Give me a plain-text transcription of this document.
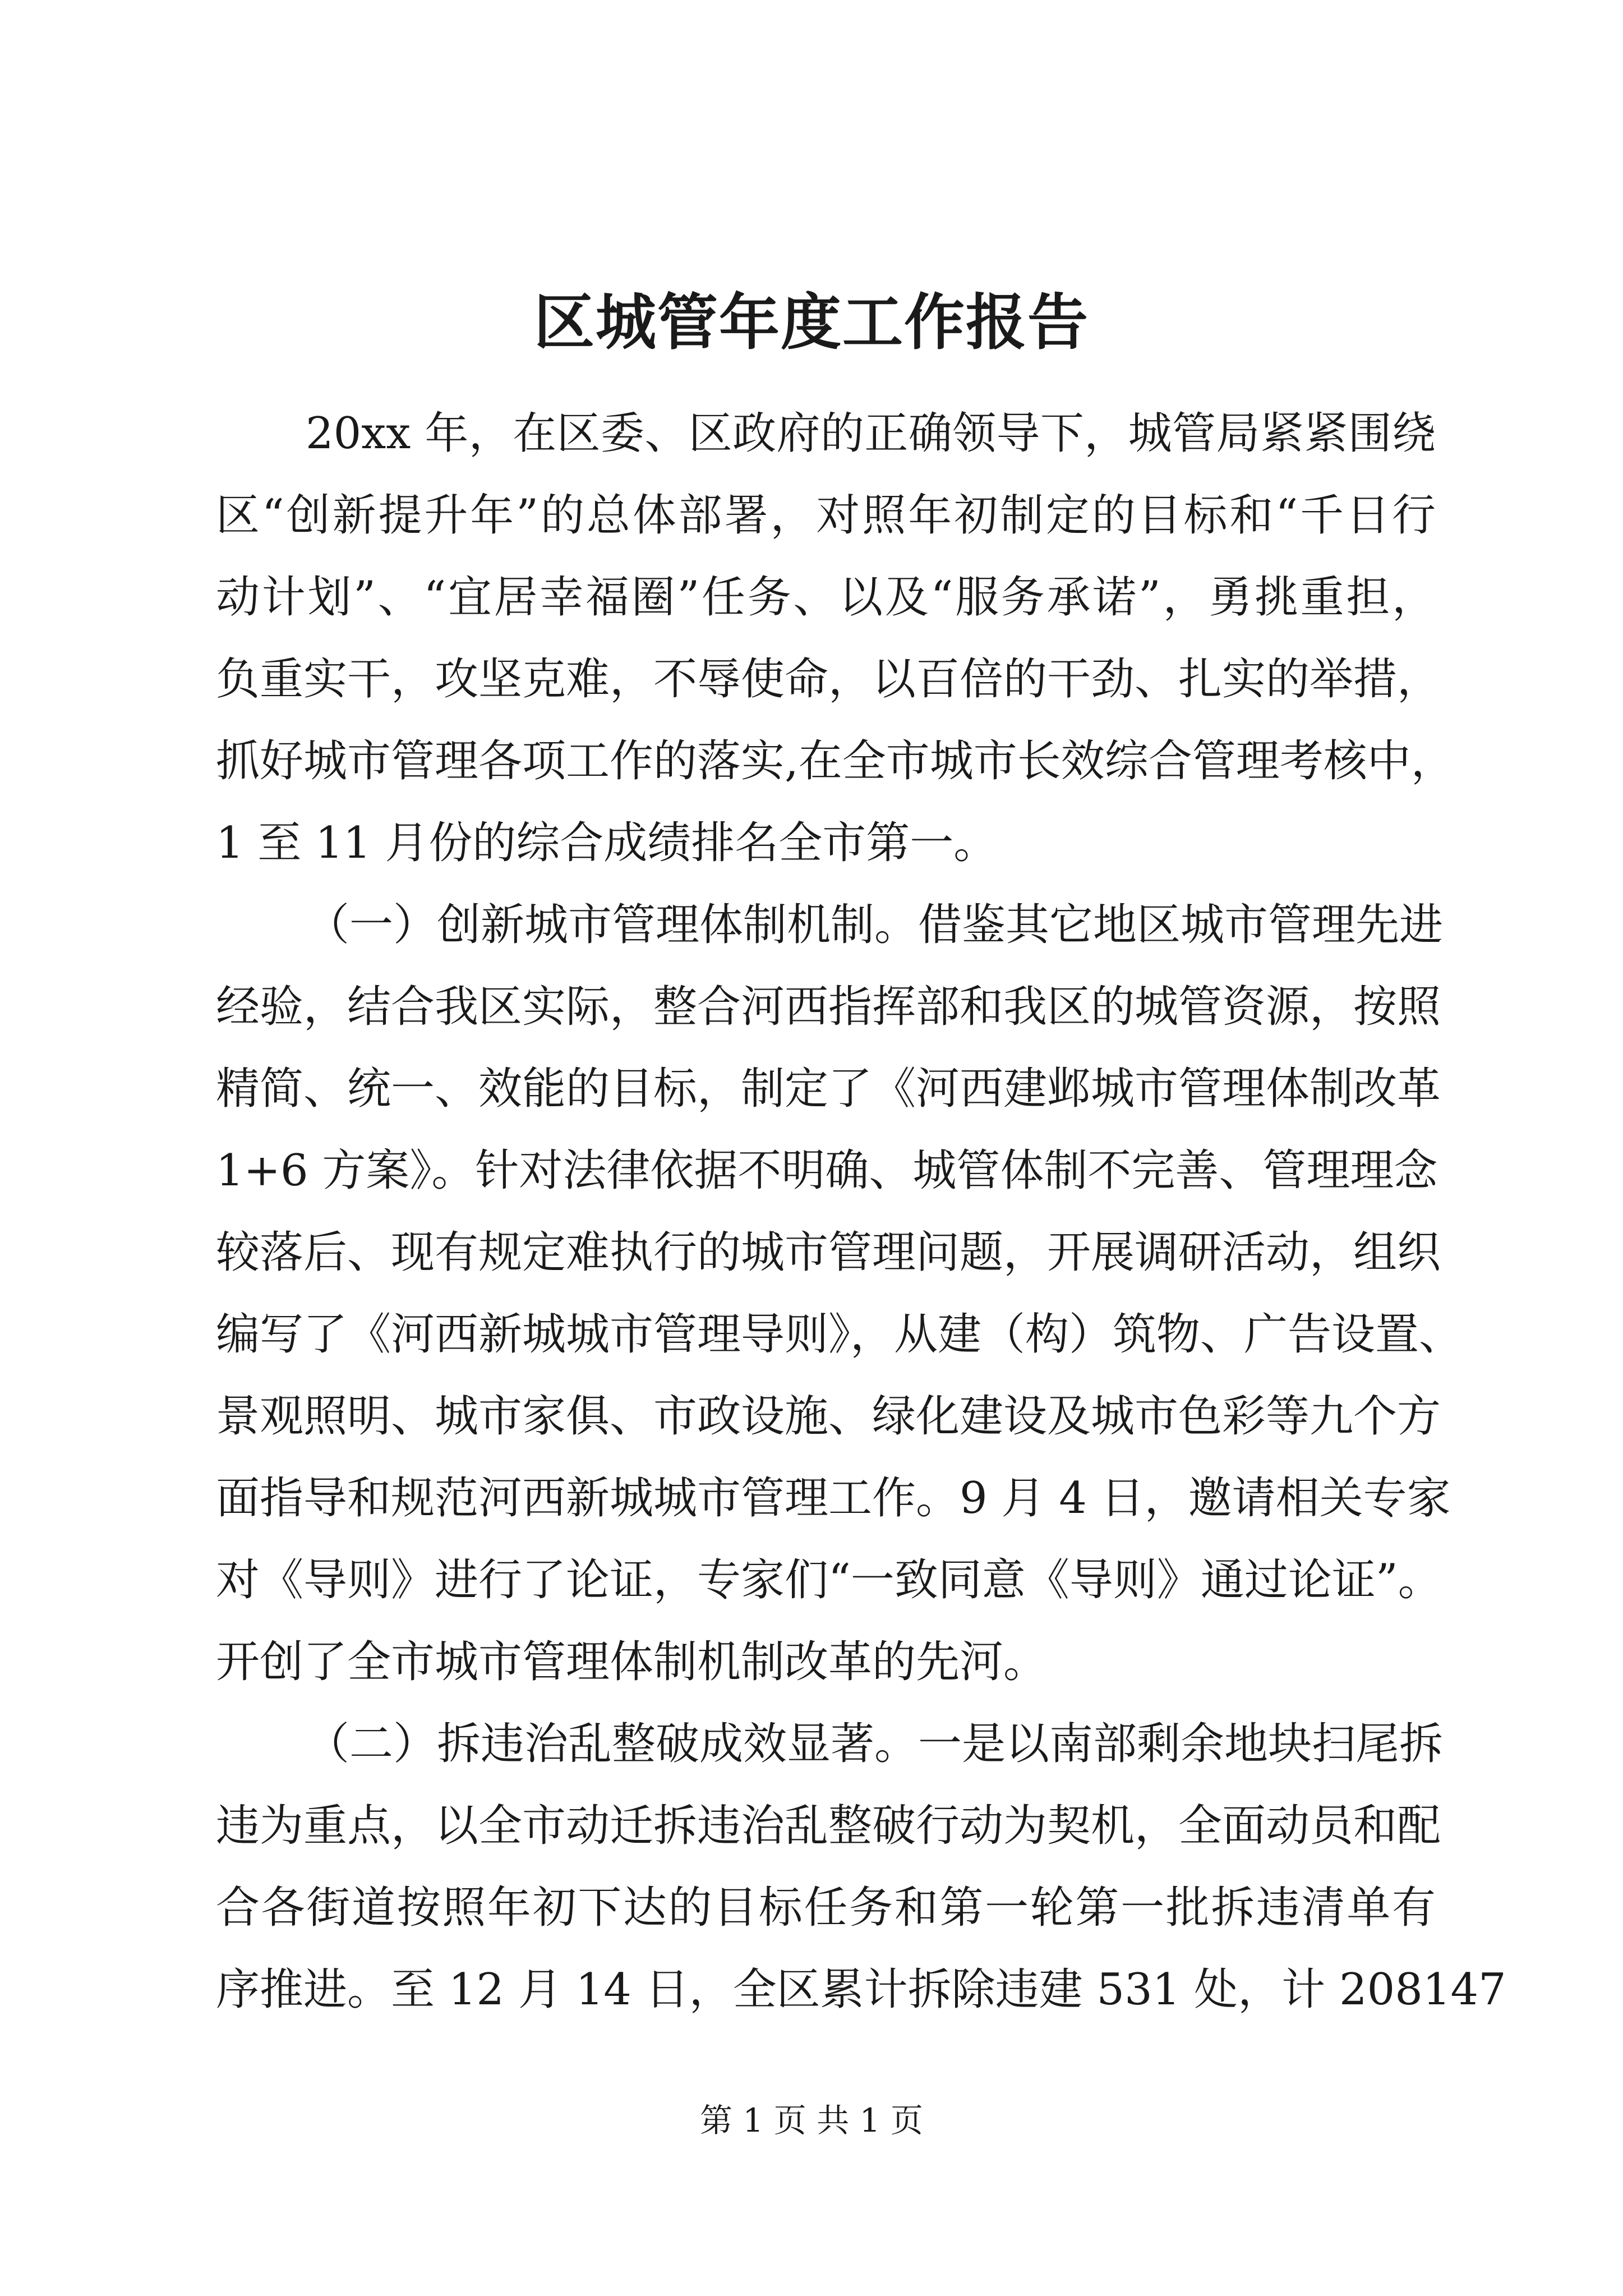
区城管年度工作报告
20xx 年，在区委、区政府的正确领导下，城管局紧紧围绕
区“创新提升年”的总体部署，对照年初制定的目标和“千日行
动计划”、“宜居幸福圈”任务、以及“服务承诺”，勇挑重担，
负重实干，攻坚克难，不辱使命，以百倍的干劲、扎实的举措，
抓好城市管理各项工作的落实,在全市城市长效综合管理考核中，
1 至 11 月份的综合成绩排名全市第一。
（一）创新城市管理体制机制。借鉴其它地区城市管理先进
经验，结合我区实际，整合河西指挥部和我区的城管资源，按照
精简、统一、效能的目标，制定了《河西建邺城市管理体制改革
1+6 方案》。针对法律依据不明确、城管体制不完善、管理理念
较落后、现有规定难执行的城市管理问题，开展调研活动，组织
编写了《河西新城城市管理导则》，从建（构）筑物、广告设置、
景观照明、城市家俱、市政设施、绿化建设及城市色彩等九个方
面指导和规范河西新城城市管理工作。9 月 4 日，邀请相关专家
对《导则》进行了论证，专家们“一致同意《导则》通过论证”。
开创了全市城市管理体制机制改革的先河。
（二）拆违治乱整破成效显著。一是以南部剩余地块扫尾拆
违为重点，以全市动迁拆违治乱整破行动为契机，全面动员和配
合各街道按照年初下达的目标任务和第一轮第一批拆违清单有
序推进。至 12 月 14 日，全区累计拆除违建 531 处，计 208147
第 1 页 共 1 页
